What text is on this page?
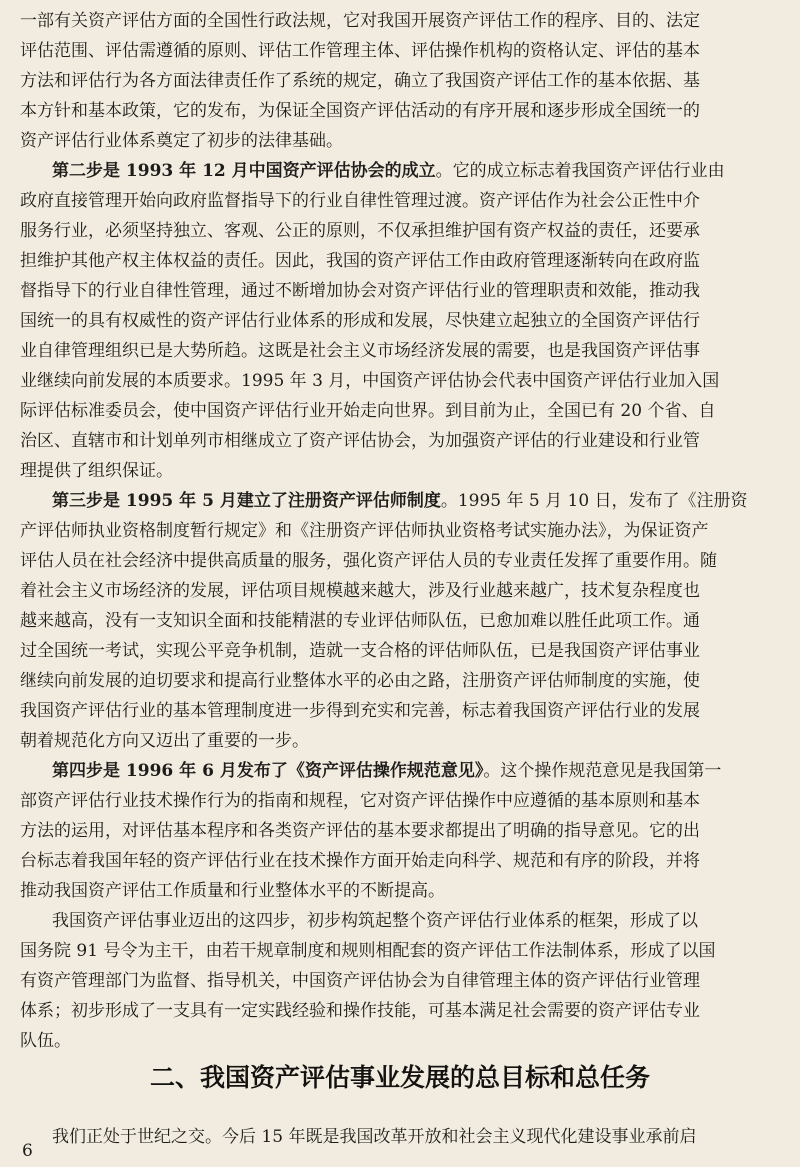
一部有关资产评估方面的全国性行政法规，它对我国开展资产评估工作的程序、目的、法定
评估范围、评估需遵循的原则、评估工作管理主体、评估操作机构的资格认定、评估的基本
方法和评估行为各方面法律责任作了系统的规定，确立了我国资产评估工作的基本依据、基
本方针和基本政策，它的发布，为保证全国资产评估活动的有序开展和逐步形成全国统一的
资产评估行业体系奠定了初步的法律基础。
第二步是 1993 年 12 月中国资产评估协会的成立。它的成立标志着我国资产评估行业由
政府直接管理开始向政府监督指导下的行业自律性管理过渡。资产评估作为社会公正性中介
服务行业，必须坚持独立、客观、公正的原则，不仅承担维护国有资产权益的责任，还要承
担维护其他产权主体权益的责任。因此，我国的资产评估工作由政府管理逐渐转向在政府监
督指导下的行业自律性管理，通过不断增加协会对资产评估行业的管理职责和效能，推动我
国统一的具有权威性的资产评估行业体系的形成和发展，尽快建立起独立的全国资产评估行
业自律管理组织已是大势所趋。这既是社会主义市场经济发展的需要，也是我国资产评估事
业继续向前发展的本质要求。1995 年 3 月，中国资产评估协会代表中国资产评估行业加入国
际评估标准委员会，使中国资产评估行业开始走向世界。到目前为止，全国已有 20 个省、自
治区、直辖市和计划单列市相继成立了资产评估协会，为加强资产评估的行业建设和行业管
理提供了组织保证。
第三步是 1995 年 5 月建立了注册资产评估师制度。1995 年 5 月 10 日，发布了《注册资
产评估师执业资格制度暂行规定》和《注册资产评估师执业资格考试实施办法》，为保证资产
评估人员在社会经济中提供高质量的服务，强化资产评估人员的专业责任发挥了重要作用。随
着社会主义市场经济的发展，评估项目规模越来越大，涉及行业越来越广，技术复杂程度也
越来越高，没有一支知识全面和技能精湛的专业评估师队伍，已愈加难以胜任此项工作。通
过全国统一考试，实现公平竞争机制，造就一支合格的评估师队伍，已是我国资产评估事业
继续向前发展的迫切要求和提高行业整体水平的必由之路，注册资产评估师制度的实施，使
我国资产评估行业的基本管理制度进一步得到充实和完善，标志着我国资产评估行业的发展
朝着规范化方向又迈出了重要的一步。
第四步是 1996 年 6 月发布了《资产评估操作规范意见》。这个操作规范意见是我国第一
部资产评估行业技术操作行为的指南和规程，它对资产评估操作中应遵循的基本原则和基本
方法的运用，对评估基本程序和各类资产评估的基本要求都提出了明确的指导意见。它的出
台标志着我国年轻的资产评估行业在技术操作方面开始走向科学、规范和有序的阶段，并将
推动我国资产评估工作质量和行业整体水平的不断提高。
我国资产评估事业迈出的这四步，初步构筑起整个资产评估行业体系的框架，形成了以
国务院 91 号令为主干，由若干规章制度和规则相配套的资产评估工作法制体系，形成了以国
有资产管理部门为监督、指导机关，中国资产评估协会为自律管理主体的资产评估行业管理
体系；初步形成了一支具有一定实践经验和操作技能，可基本满足社会需要的资产评估专业
队伍。
我们正处于世纪之交。今后 15 年既是我国改革开放和社会主义现代化建设事业承前启
二、我国资产评估事业发展的总目标和总任务
6
